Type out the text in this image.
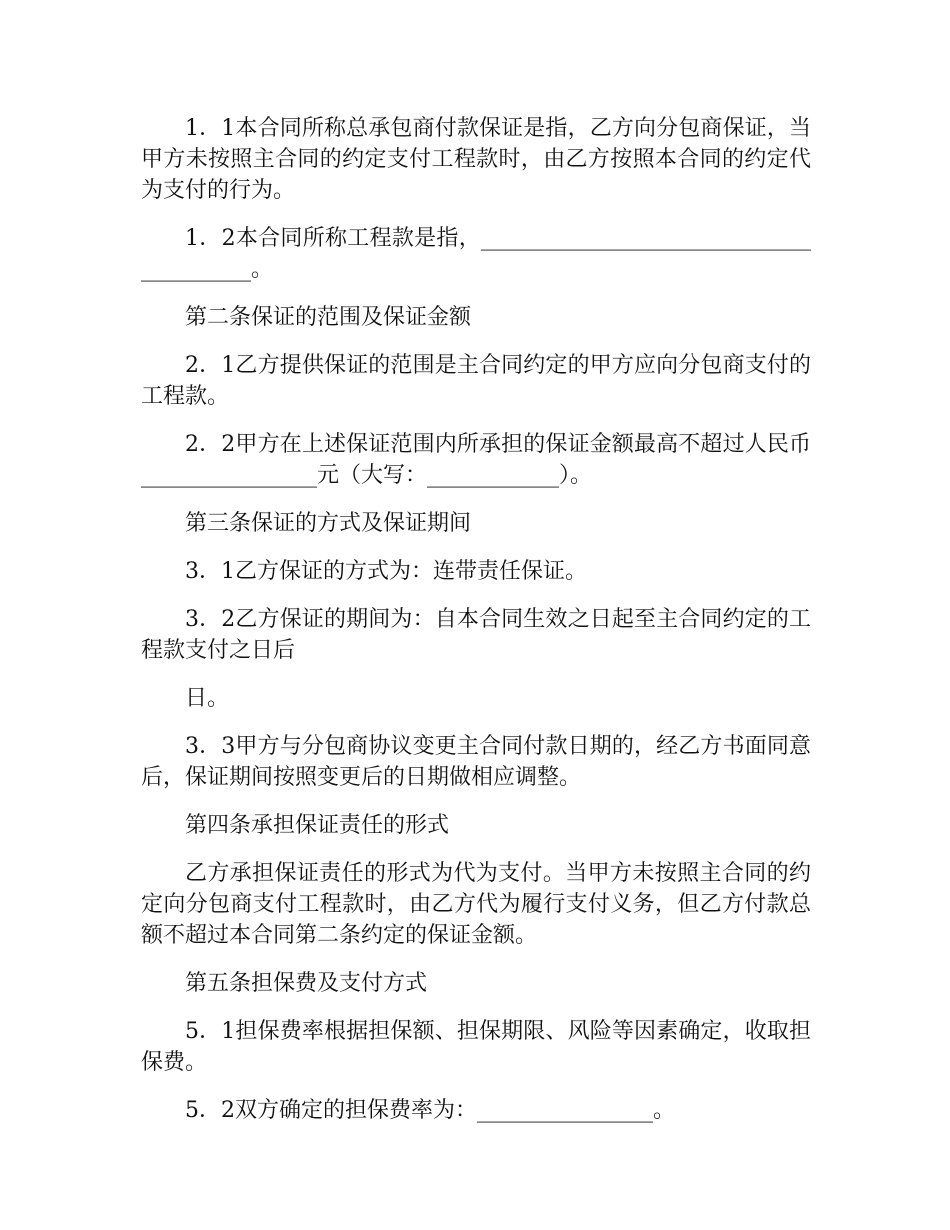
1．1本合同所称总承包商付款保证是指，乙方向分包商保证，当甲方未按照主合同的约定支付工程款时，由乙方按照本合同的约定代为支付的行为。

1．2本合同所称工程款是指，________________________________________。

第二条保证的范围及保证金额

2．1乙方提供保证的范围是主合同约定的甲方应向分包商支付的工程款。

2．2甲方在上述保证范围内所承担的保证金额最高不超过人民币________________元（大写：____________）。

第三条保证的方式及保证期间

3．1乙方保证的方式为：连带责任保证。

3．2乙方保证的期间为：自本合同生效之日起至主合同约定的工程款支付之日后

日。

3．3甲方与分包商协议变更主合同付款日期的，经乙方书面同意后，保证期间按照变更后的日期做相应调整。

第四条承担保证责任的形式

乙方承担保证责任的形式为代为支付。当甲方未按照主合同的约定向分包商支付工程款时，由乙方代为履行支付义务，但乙方付款总额不超过本合同第二条约定的保证金额。

第五条担保费及支付方式

5．1担保费率根据担保额、担保期限、风险等因素确定，收取担保费。

5．2双方确定的担保费率为：________________。
